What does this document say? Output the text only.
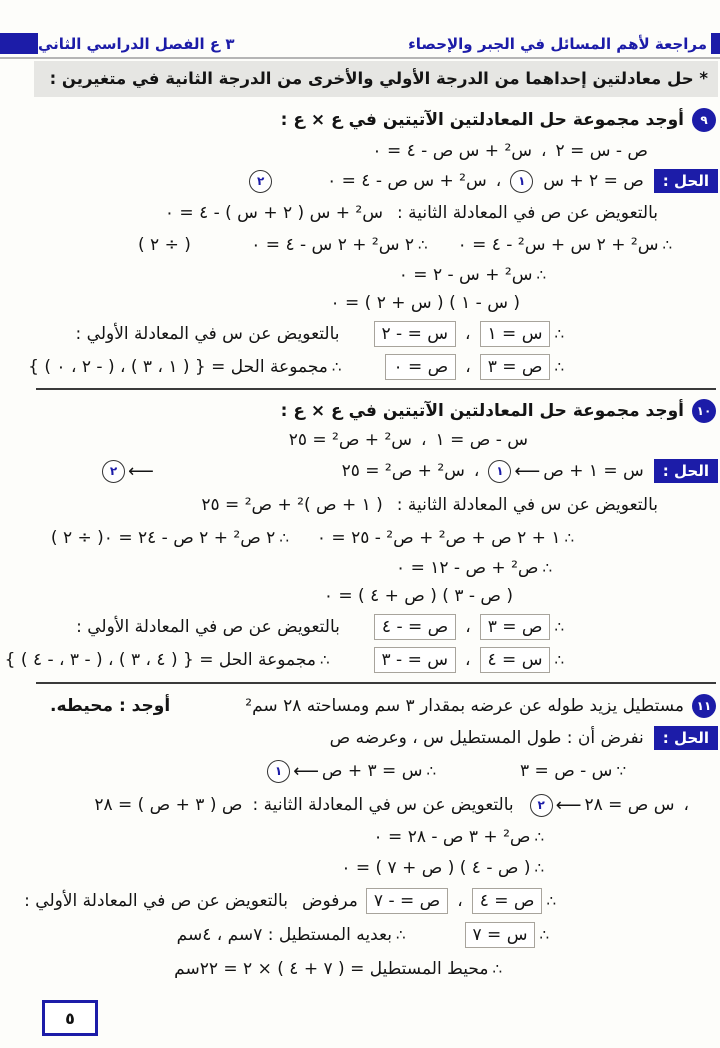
٣ ع الفصل الدراسي الثاني	مراجعة لأهم المسائل في الجبر والإحصاء
* حل معادلتين إحداهما من الدرجة الأولي والأخرى من الدرجة الثانية في متغيرين :
٩
أوجد مجموعة حل المعادلتين الآتيتين في ع × ع :
ص - س = ٢
،
س² + س ص - ٤ = ٠
الحل :
ص = ٢ + س
١
،
س² + س ص - ٤ = ٠
٢
بالتعويض عن ص في المعادلة الثانية :
س² + س ( ٢ + س ) - ٤ = ٠
∴
س² + ٢ س + س² - ٤ = ٠
∴
٢ س² + ٢ س - ٤ = ٠
( ÷ ٢ )
∴
س² + س - ٢ = ٠
( س - ١ ) ( س + ٢ ) = ٠
∴
س = ١
،
س = - ٢
بالتعويض عن س في المعادلة الأولي :
∴
ص = ٣
،
ص = ٠
∴
مجموعة الحل = { ( ١ ، ٣ ) ، ( - ٢ ، ٠ ) }
١٠
أوجد مجموعة حل المعادلتين الآتيتين في ع × ع :
س - ص = ١
،
س² + ص² = ٢٥
الحل :
س = ١ + ص
⟵
١
،
س² + ص² = ٢٥
⟵
٢
بالتعويض عن س في المعادلة الثانية :
( ١ + ص )² + ص² = ٢٥
∴
١ + ٢ ص + ص² + ص² - ٢٥ = ٠
∴
٢ ص² + ٢ ص - ٢٤ = ٠
( ÷ ٢ )
∴
ص² + ص - ١٢ = ٠
( ص - ٣ ) ( ص + ٤ ) = ٠
∴
ص = ٣
،
ص = - ٤
بالتعويض عن ص في المعادلة الأولي :
∴
س = ٤
،
س = - ٣
∴
مجموعة الحل = { ( ٤ ، ٣ ) ، ( - ٣ ، - ٤ ) }
١١
مستطيل يزيد طوله عن عرضه بمقدار ٣ سم ومساحته ٢٨ سم²
أوجد : محيطه.
الحل :
نفرض أن : طول المستطيل س ، وعرضه ص
∵
س - ص = ٣
∴
س = ٣ + ص
⟵
١
،
س ص = ٢٨
⟵
٢
بالتعويض عن س في المعادلة الثانية :
ص ( ٣ + ص ) = ٢٨
∴
ص² + ٣ ص - ٢٨ = ٠
∴
( ص - ٤ ) ( ص + ٧ ) = ٠
∴
ص = ٤
،
ص = - ٧
مرفوض
بالتعويض عن ص في المعادلة الأولي :
∴
س = ٧
∴
بعديه المستطيل : ٧سم ، ٤سم
∴
محيط المستطيل = ( ٧ + ٤ ) × ٢ = ٢٢سم
٥
